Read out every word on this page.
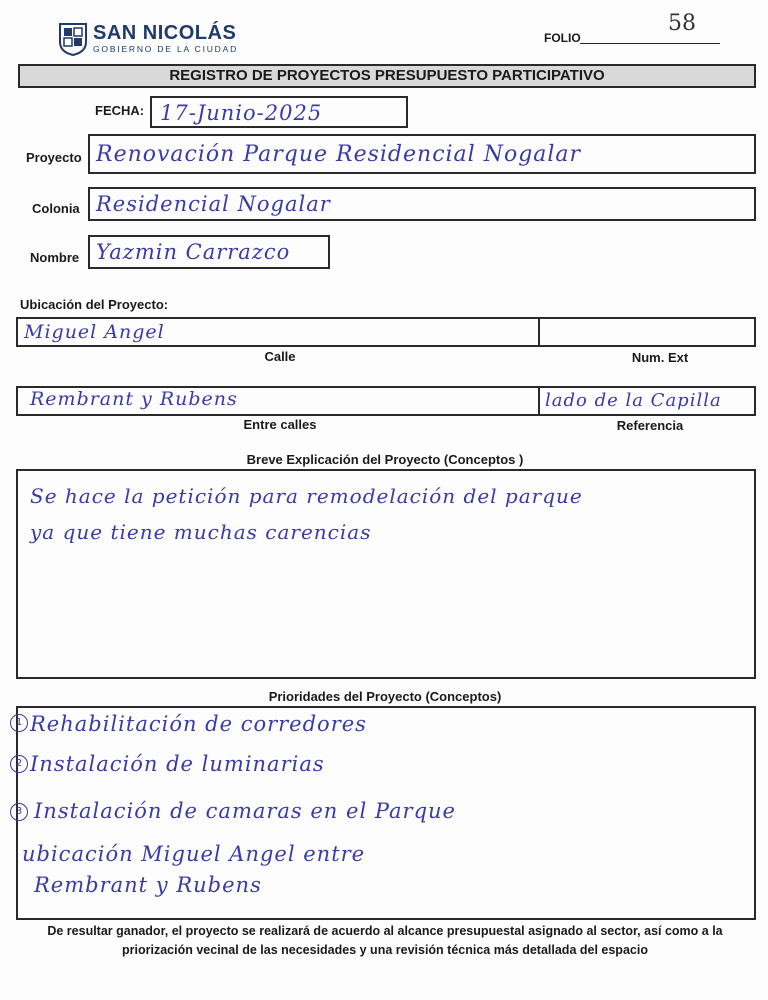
SAN NICOLÁS
GOBIERNO DE LA CIUDAD
FOLIO
58
REGISTRO DE PROYECTOS PRESUPUESTO PARTICIPATIVO
FECHA: 17-Junio-2025
Proyecto Renovación Parque Residencial Nogalar
Colonia Residencial Nogalar
Nombre Yazmin Carrazco
Ubicación del Proyecto:
Miguel Angel
Calle	Num. Ext
Rembrant y Rubens	lado de la Capilla
Entre calles	Referencia
Breve Explicación del Proyecto (Conceptos )
Se hace la petición para remodelación del parque
ya que tiene muchas carencias
Prioridades del Proyecto (Conceptos)
1 Rehabilitación de corredores
2 Instalación de luminarias
3 Instalación de camaras en el Parque
ubicación Miguel Angel entre
Rembrant y Rubens
De resultar ganador, el proyecto se realizará de acuerdo al alcance presupuestal asignado al sector, así como a la
priorización vecinal de las necesidades y una revisión técnica más detallada del espacio
